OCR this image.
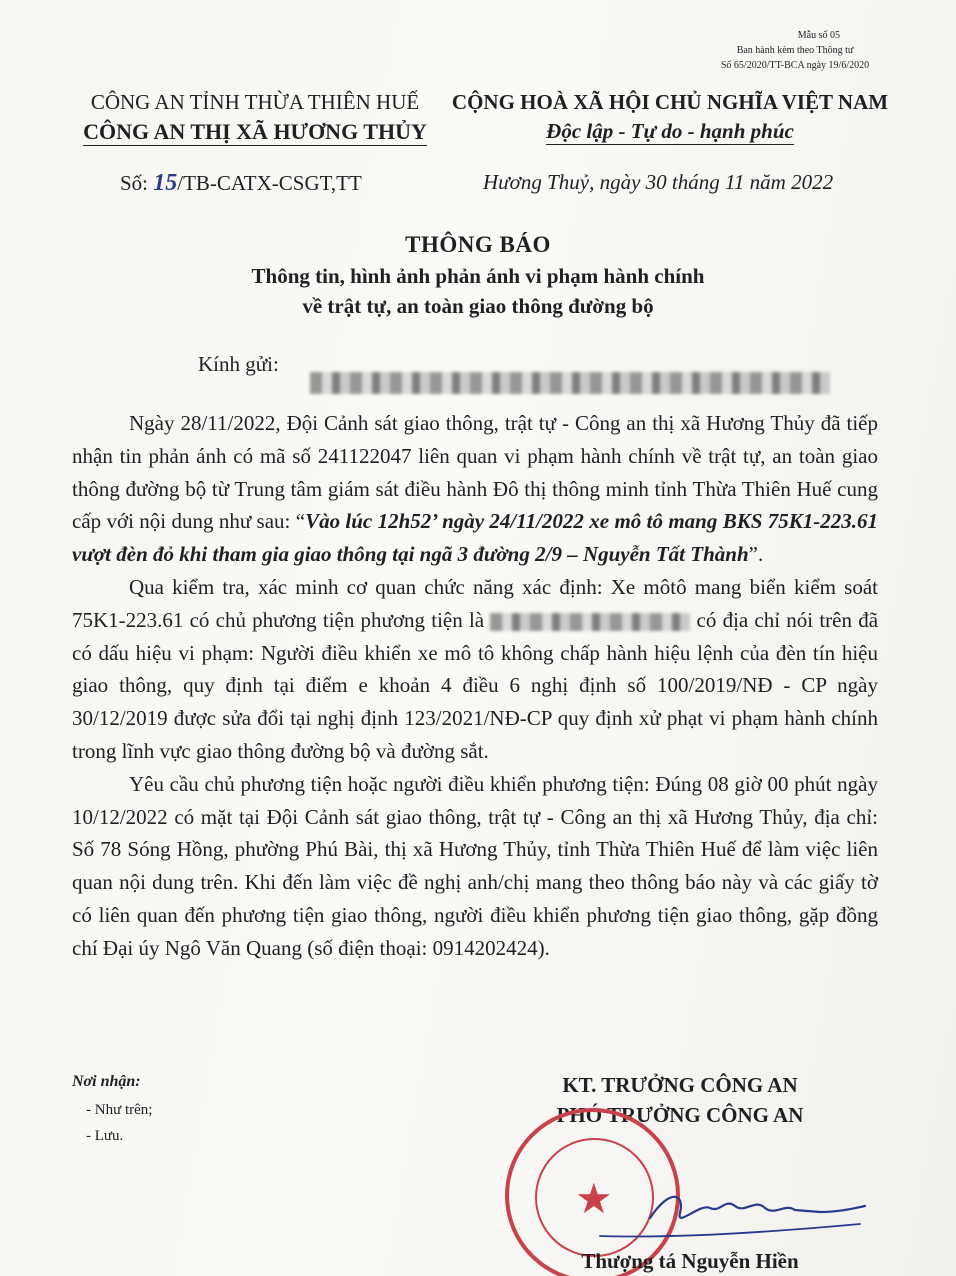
Mẫu số 05
Ban hành kèm theo Thông tư
Số 65/2020/TT-BCA ngày 19/6/2020
CÔNG AN TỈNH THỪA THIÊN HUẾ
CÔNG AN THỊ XÃ HƯƠNG THỦY
Số: 15/TB-CATX-CSGT,TT
CỘNG HOÀ XÃ HỘI CHỦ NGHĨA VIỆT NAM
Độc lập - Tự do - hạnh phúc
Hương Thuỷ, ngày 30 tháng 11 năm 2022
THÔNG BÁO
Thông tin, hình ảnh phản ánh vi phạm hành chính
về trật tự, an toàn giao thông đường bộ
Kính gửi:

Ngày 28/11/2022, Đội Cảnh sát giao thông, trật tự - Công an thị xã Hương Thủy đã tiếp nhận tin phản ánh có mã số 241122047 liên quan vi phạm hành chính về trật tự, an toàn giao thông đường bộ từ Trung tâm giám sát điều hành Đô thị thông minh tỉnh Thừa Thiên Huế cung cấp với nội dung như sau: “Vào lúc 12h52’ ngày 24/11/2022 xe mô tô mang BKS 75K1-223.61 vượt đèn đỏ khi tham gia giao thông tại ngã 3 đường 2/9 – Nguyễn Tất Thành”.

Qua kiểm tra, xác minh cơ quan chức năng xác định: Xe môtô mang biển kiểm soát 75K1-223.61 có chủ phương tiện phương tiện là	có địa chỉ nói trên đã có dấu hiệu vi phạm: Người điều khiển xe mô tô không chấp hành hiệu lệnh của đèn tín hiệu giao thông, quy định tại điểm e khoản 4 điều 6 nghị định số 100/2019/NĐ - CP ngày 30/12/2019 được sửa đổi tại nghị định 123/2021/NĐ-CP quy định xử phạt vi phạm hành chính trong lĩnh vực giao thông đường bộ và đường sắt.

Yêu cầu chủ phương tiện hoặc người điều khiển phương tiện: Đúng 08 giờ 00 phút ngày 10/12/2022 có mặt tại Đội Cảnh sát giao thông, trật tự - Công an thị xã Hương Thủy, địa chỉ: Số 78 Sóng Hồng, phường Phú Bài, thị xã Hương Thủy, tỉnh Thừa Thiên Huế để làm việc liên quan nội dung trên. Khi đến làm việc đề nghị anh/chị mang theo thông báo này và các giấy tờ có liên quan đến phương tiện giao thông, người điều khiển phương tiện giao thông, gặp đồng chí Đại úy Ngô Văn Quang (số điện thoại: 0914202424).

Nơi nhận:
- Như trên;
- Lưu.
KT. TRƯỞNG CÔNG AN
PHÓ TRƯỞNG CÔNG AN
★
Thượng tá Nguyễn Hiền
